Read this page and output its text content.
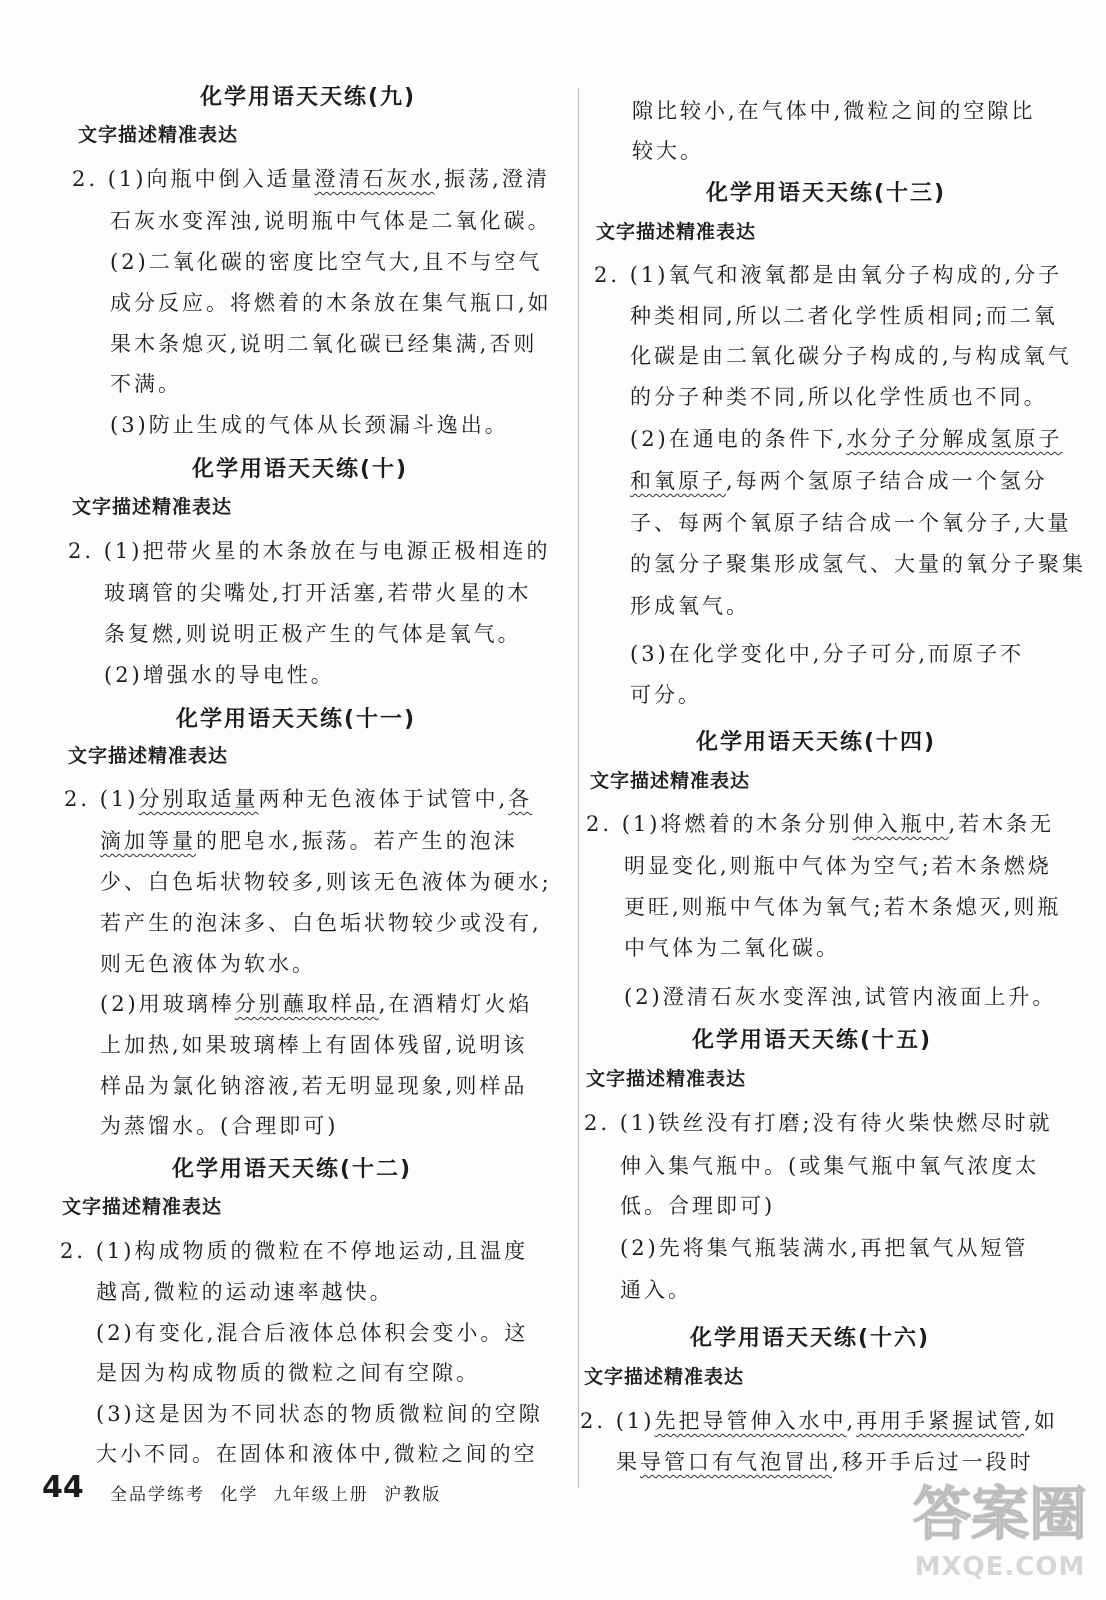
化学用语天天练(九)
文字描述精准表达
2. (1)向瓶中倒入适量澄清石灰水,振荡,澄清
石灰水变浑浊,说明瓶中气体是二氧化碳。
(2)二氧化碳的密度比空气大,且不与空气
成分反应。将燃着的木条放在集气瓶口,如
果木条熄灭,说明二氧化碳已经集满,否则
不满。
(3)防止生成的气体从长颈漏斗逸出。
化学用语天天练(十)
文字描述精准表达
2. (1)把带火星的木条放在与电源正极相连的
玻璃管的尖嘴处,打开活塞,若带火星的木
条复燃,则说明正极产生的气体是氧气。
(2)增强水的导电性。
化学用语天天练(十一)
文字描述精准表达
2. (1)分别取适量两种无色液体于试管中,各
滴加等量的肥皂水,振荡。若产生的泡沫
少、白色垢状物较多,则该无色液体为硬水;
若产生的泡沫多、白色垢状物较少或没有,
则无色液体为软水。
(2)用玻璃棒分别蘸取样品,在酒精灯火焰
上加热,如果玻璃棒上有固体残留,说明该
样品为氯化钠溶液,若无明显现象,则样品
为蒸馏水。(合理即可)
化学用语天天练(十二)
文字描述精准表达
2. (1)构成物质的微粒在不停地运动,且温度
越高,微粒的运动速率越快。
(2)有变化,混合后液体总体积会变小。这
是因为构成物质的微粒之间有空隙。
(3)这是因为不同状态的物质微粒间的空隙
大小不同。在固体和液体中,微粒之间的空
隙比较小,在气体中,微粒之间的空隙比
较大。
化学用语天天练(十三)
文字描述精准表达
2. (1)氧气和液氧都是由氧分子构成的,分子
种类相同,所以二者化学性质相同;而二氧
化碳是由二氧化碳分子构成的,与构成氧气
的分子种类不同,所以化学性质也不同。
(2)在通电的条件下,水分子分解成氢原子
和氧原子,每两个氢原子结合成一个氢分
子、每两个氧原子结合成一个氧分子,大量
的氢分子聚集形成氢气、大量的氧分子聚集
形成氧气。
(3)在化学变化中,分子可分,而原子不
可分。
化学用语天天练(十四)
文字描述精准表达
2. (1)将燃着的木条分别伸入瓶中,若木条无
明显变化,则瓶中气体为空气;若木条燃烧
更旺,则瓶中气体为氧气;若木条熄灭,则瓶
中气体为二氧化碳。
(2)澄清石灰水变浑浊,试管内液面上升。
化学用语天天练(十五)
文字描述精准表达
2. (1)铁丝没有打磨;没有待火柴快燃尽时就
伸入集气瓶中。(或集气瓶中氧气浓度太
低。合理即可)
(2)先将集气瓶装满水,再把氧气从短管
通入。
化学用语天天练(十六)
文字描述精准表达
2. (1)先把导管伸入水中,再用手紧握试管,如
果导管口有气泡冒出,移开手后过一段时
44 全品学练考 化学 九年级上册 沪教版	答案圈
MXQE.COM
